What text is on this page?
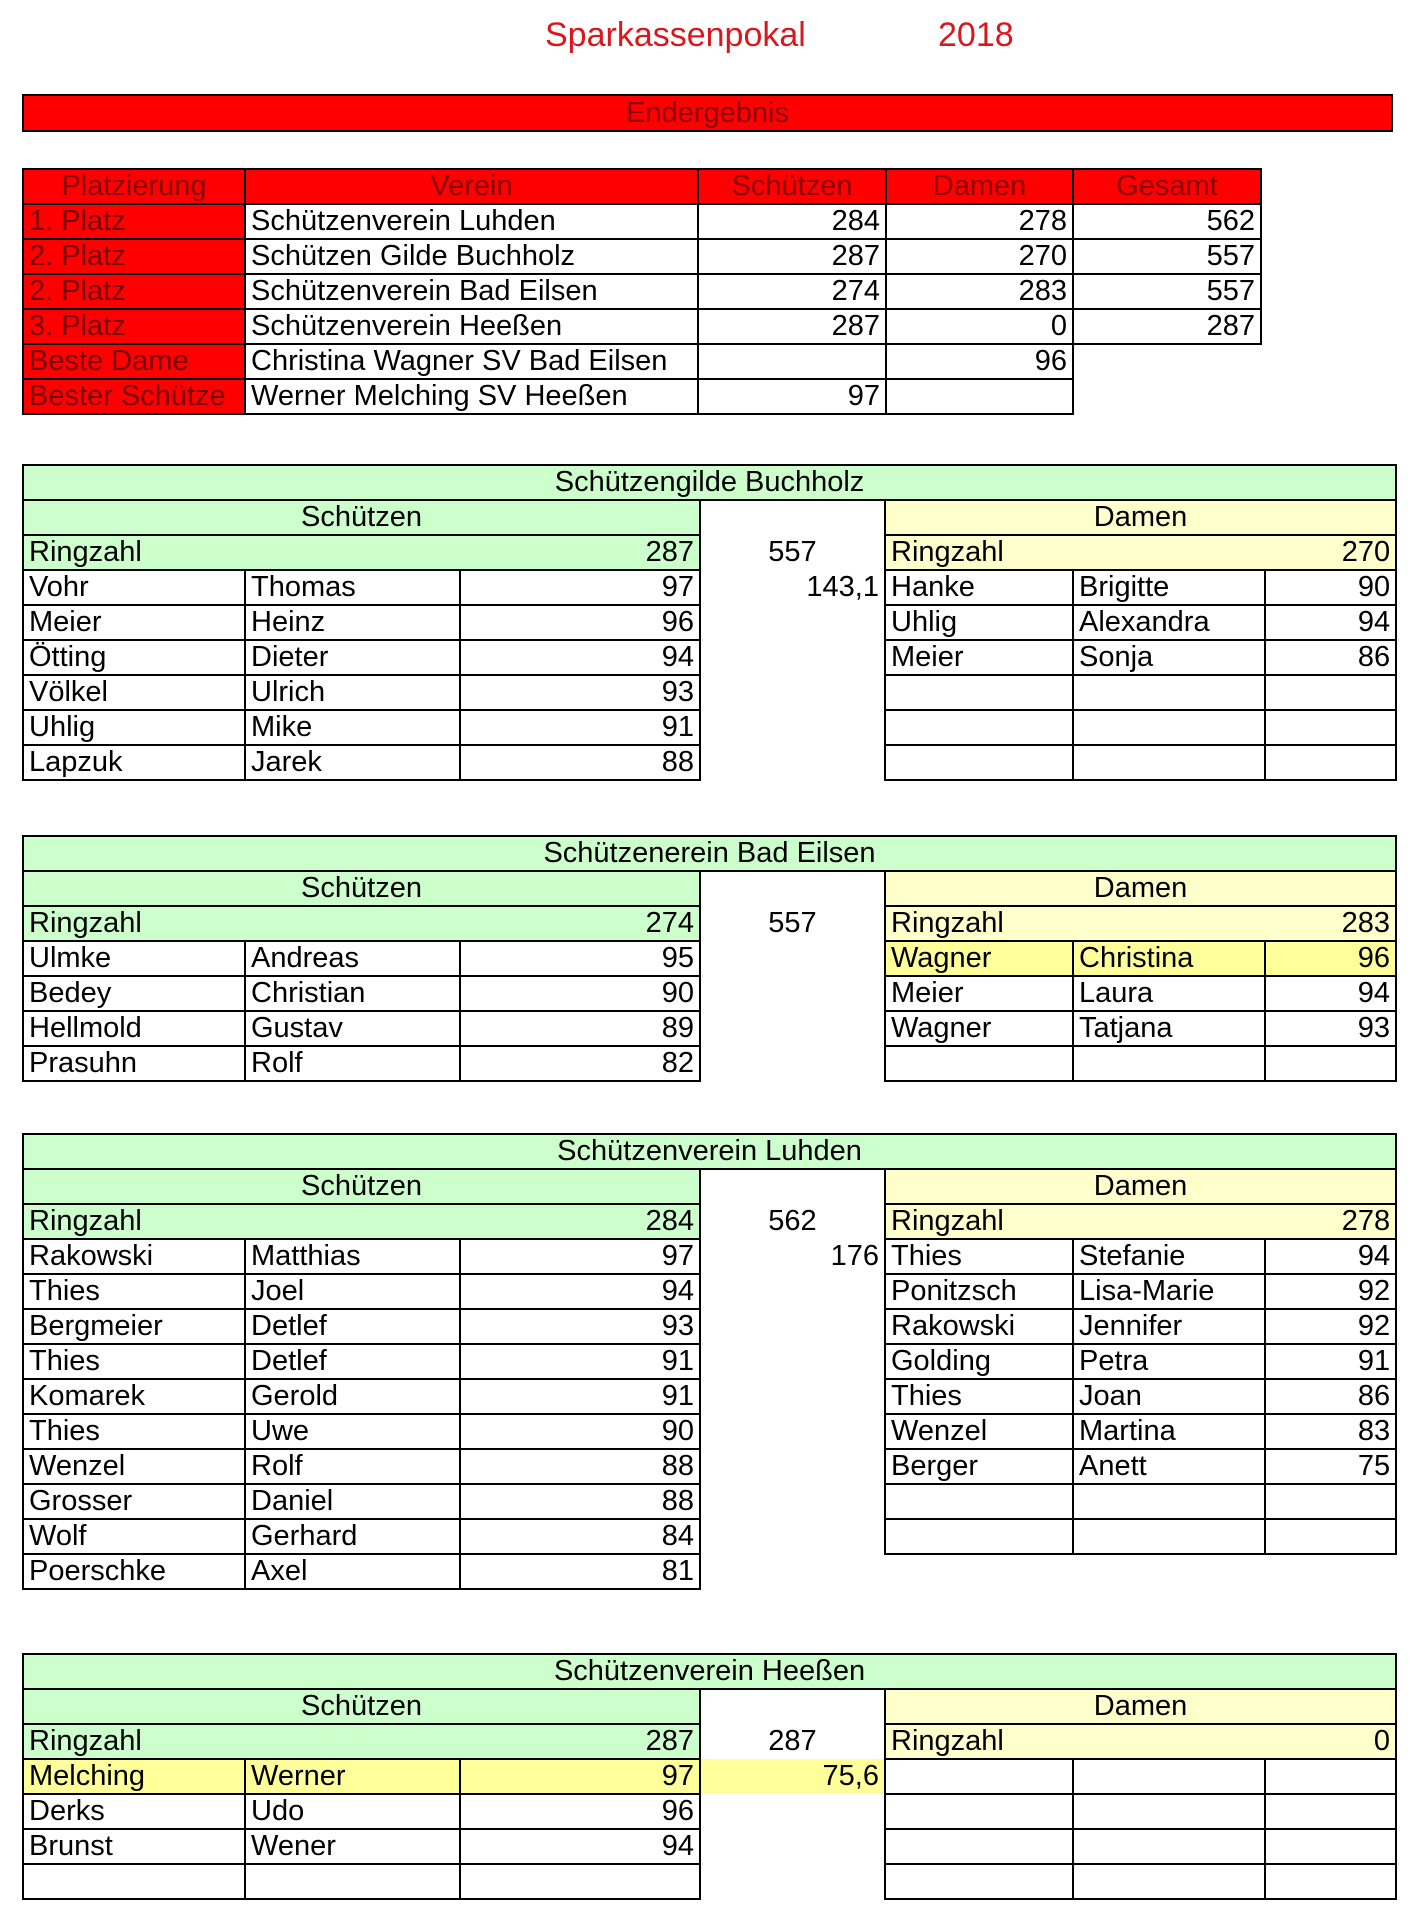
Sparkassenpokal	2018
Endergebnis
Platzierung	Verein	Schützen	Damen	Gesamt
1. Platz	Schützenverein Luhden	284	278	562
2. Platz	Schützen Gilde Buchholz	287	270	557
2. Platz	Schützenverein Bad Eilsen	274	283	557
3. Platz	Schützenverein Heeßen	287	0	287
Beste Dame	Christina Wagner SV Bad Eilsen		96	
Bester Schütze	Werner Melching SV Heeßen	97		
Schützengilde Buchholz						
Schützen				Damen		
Ringzahl		287	557	Ringzahl		270
Vohr	Thomas	97	143,1	Hanke	Brigitte	90
Meier	Heinz	96		Uhlig	Alexandra	94
Ötting	Dieter	94		Meier	Sonja	86
Völkel	Ulrich	93				
Uhlig	Mike	91				
Lapzuk	Jarek	88				
Schützenerein Bad Eilsen						
Schützen				Damen		
Ringzahl		274	557	Ringzahl		283
Ulmke	Andreas	95		Wagner	Christina	96
Bedey	Christian	90		Meier	Laura	94
Hellmold	Gustav	89		Wagner	Tatjana	93
Prasuhn	Rolf	82				
Schützenverein Luhden						
Schützen				Damen		
Ringzahl		284	562	Ringzahl		278
Rakowski	Matthias	97	176	Thies	Stefanie	94
Thies	Joel	94		Ponitzsch	Lisa-Marie	92
Bergmeier	Detlef	93		Rakowski	Jennifer	92
Thies	Detlef	91		Golding	Petra	91
Komarek	Gerold	91		Thies	Joan	86
Thies	Uwe	90		Wenzel	Martina	83
Wenzel	Rolf	88		Berger	Anett	75
Grosser	Daniel	88				
Wolf	Gerhard	84				
Poerschke	Axel	81				
Schützenverein Heeßen						
Schützen				Damen		
Ringzahl		287	287	Ringzahl		0
Melching	Werner	97	75,6			
Derks	Udo	96				
Brunst	Wener	94				
